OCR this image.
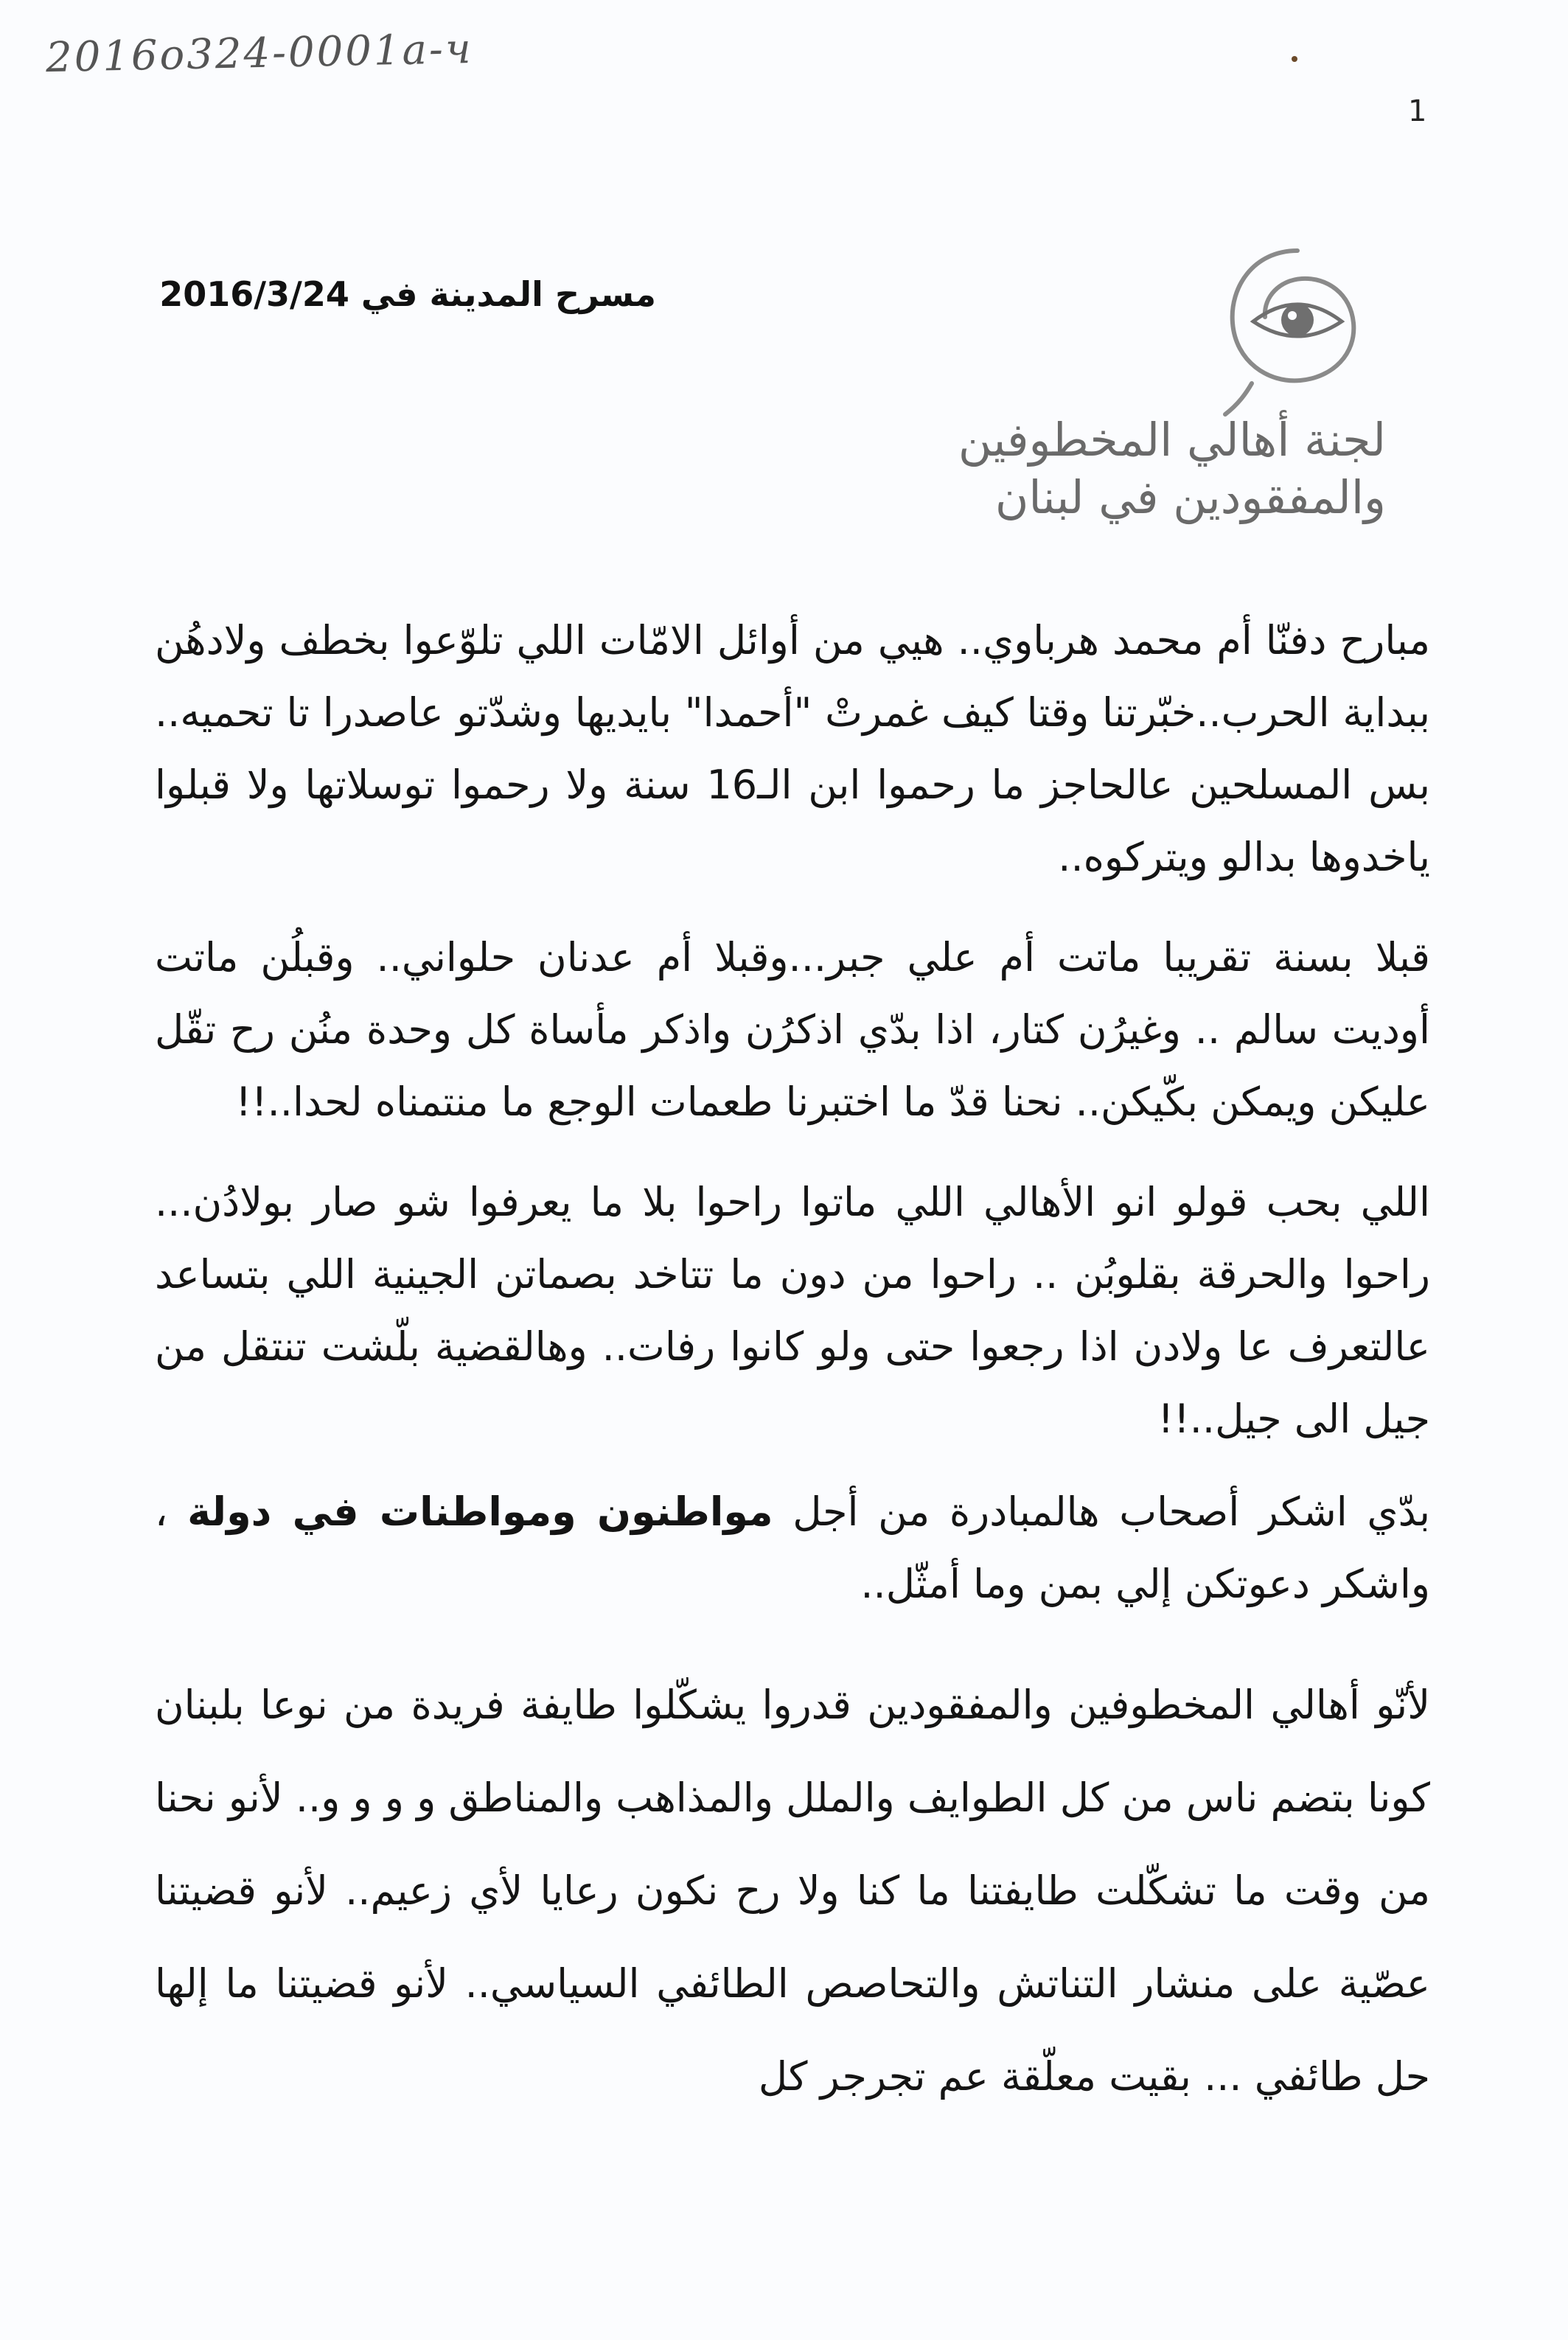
2016o324-0001a-ч
1
مسرح المدينة في 2016/3/24
لجنة أهالي المخطوفين
والمفقودين في لبنان

مبارح دفنّا أم محمد هرباوي.. هيي من أوائل الامّات اللي تلوّعوا بخطف ولادهُن ببداية الحرب..خبّرتنا وقتا كيف غمرتْ "أحمدا" بايديها وشدّتو عاصدرا تا تحميه.. بس المسلحين عالحاجز ما رحموا ابن الـ16 سنة ولا رحموا توسلاتها ولا قبلوا ياخدوها بدالو ويتركوه..

قبلا بسنة تقريبا ماتت أم علي جبر...وقبلا أم عدنان حلواني.. وقبلُن ماتت أوديت سالم .. وغيرُن كتار، اذا بدّي اذكرُن واذكر مأساة كل وحدة منُن رح تقّل عليكن ويمكن بكّيكن.. نحنا قدّ ما اختبرنا طعمات الوجع ما منتمناه لحدا..!!

اللي بحب قولو انو الأهالي اللي ماتوا راحوا بلا ما يعرفوا شو صار بولادُن... راحوا والحرقة بقلوبُن .. راحوا من دون ما تتاخد بصماتن الجينية اللي بتساعد عالتعرف عا ولادن اذا رجعوا حتى ولو كانوا رفات.. وهالقضية بلّشت تنتقل من جيل الى جيل..!!

بدّي اشكر أصحاب هالمبادرة من أجل مواطنون ومواطنات في دولة ، واشكر دعوتكن إلي بمن وما أمثّل..

لأنّو أهالي المخطوفين والمفقودين قدروا يشكّلوا طايفة فريدة من نوعا بلبنان كونا بتضم ناس من كل الطوايف والملل والمذاهب والمناطق و و و و.. لأنو نحنا من وقت ما تشكّلت طايفتنا ما كنا ولا رح نكون رعايا لأي زعيم.. لأنو قضيتنا عصّية على منشار التناتش والتحاصص الطائفي السياسي.. لأنو قضيتنا ما إلها حل طائفي ... بقيت معلّقة عم تجرجر كل
